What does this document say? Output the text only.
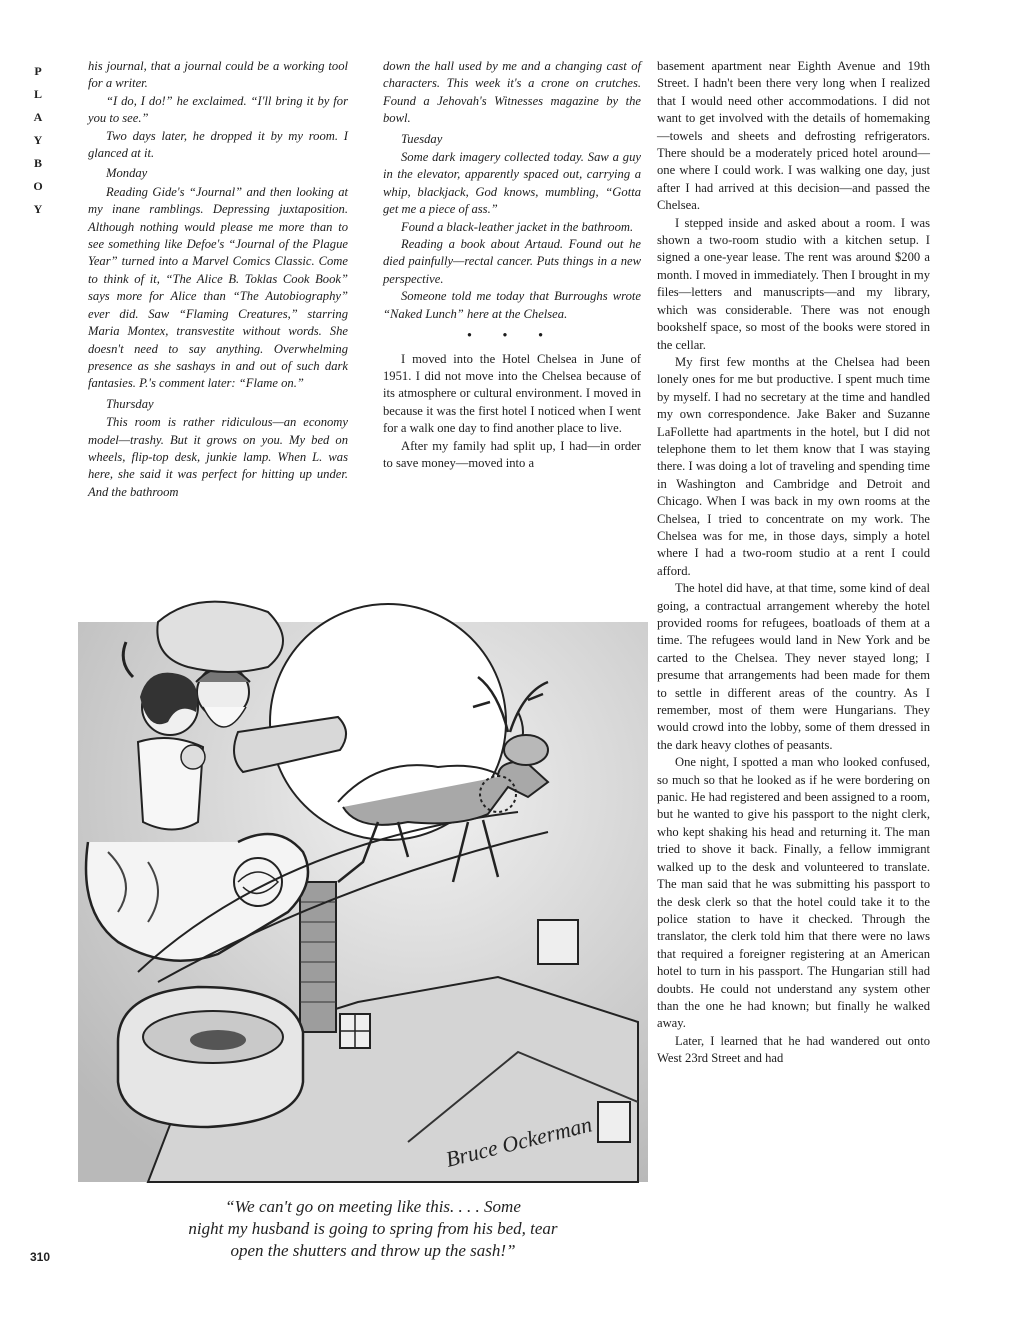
P
L
A
Y
B
O
Y

his journal, that a journal could be a working tool for a writer.

“I do, I do!” he exclaimed. “I'll bring it by for you to see.”

Two days later, he dropped it by my room. I glanced at it.

Monday

Reading Gide's “Journal” and then looking at my inane ramblings. Depressing juxtaposition. Although nothing would please me more than to see something like Defoe's “Journal of the Plague Year” turned into a Marvel Comics Classic. Come to think of it, “The Alice B. Toklas Cook Book” says more for Alice than “The Autobiography” ever did. Saw “Flaming Creatures,” starring Maria Montex, transvestite without words. She doesn't need to say anything. Overwhelming presence as she sashays in and out of such dark fantasies. P.'s comment later: “Flame on.”

Thursday

This room is rather ridiculous—an economy model—trashy. But it grows on you. My bed on wheels, flip-top desk, junkie lamp. When L. was here, she said it was perfect for hitting up under. And the bathroom

down the hall used by me and a changing cast of characters. This week it's a crone on crutches. Found a Jehovah's Witnesses magazine by the bowl.

Tuesday

Some dark imagery collected today. Saw a guy in the elevator, apparently spaced out, carrying a whip, blackjack, God knows, mumbling, “Gotta get me a piece of ass.”

Found a black-leather jacket in the bathroom.

Reading a book about Artaud. Found out he died painfully—rectal cancer. Puts things in a new perspective.

Someone told me today that Burroughs wrote “Naked Lunch” here at the Chelsea.

• • •

I moved into the Hotel Chelsea in June of 1951. I did not move into the Chelsea because of its atmosphere or cultural environment. I moved in because it was the first hotel I noticed when I went for a walk one day to find another place to live.

After my family had split up, I had—in order to save money—moved into a

basement apartment near Eighth Avenue and 19th Street. I hadn't been there very long when I realized that I would need other accommodations. I did not want to get involved with the details of homemaking—towels and sheets and defrosting refrigerators. There should be a moderately priced hotel around—one where I could work. I was walking one day, just after I had arrived at this decision—and passed the Chelsea.

I stepped inside and asked about a room. I was shown a two-room studio with a kitchen setup. I signed a one-year lease. The rent was around $200 a month. I moved in immediately. Then I brought in my files—letters and manuscripts—and my library, which was considerable. There was not enough bookshelf space, so most of the books were stored in the cellar.

My first few months at the Chelsea had been lonely ones for me but productive. I spent much time by myself. I had no secretary at the time and handled my own correspondence. Jake Baker and Suzanne LaFollette had apartments in the hotel, but I did not telephone them to let them know that I was staying there. I was doing a lot of traveling and spending time in Washington and Cambridge and Detroit and Chicago. When I was back in my own rooms at the Chelsea, I tried to concentrate on my work. The Chelsea was for me, in those days, simply a hotel where I had a two-room studio at a rent I could afford.

The hotel did have, at that time, some kind of deal going, a contractual arrangement whereby the hotel provided rooms for refugees, boatloads of them at a time. The refugees would land in New York and be carted to the Chelsea. They never stayed long; I presume that arrangements had been made for them to settle in different areas of the country. As I remember, most of them were Hungarians. They would crowd into the lobby, some of them dressed in the dark heavy clothes of peasants.

One night, I spotted a man who looked confused, so much so that he looked as if he were bordering on panic. He had registered and been assigned to a room, but he wanted to give his passport to the night clerk, who kept shaking his head and returning it. The man tried to shove it back. Finally, a fellow immigrant walked up to the desk and volunteered to translate. The man said that he was submitting his passport to the desk clerk so that the hotel could take it to the police station to have it checked. Through the translator, the clerk told him that there were no laws that required a foreigner registering at an American hotel to turn in his passport. The Hungarian still had doubts. He could not understand any system other than the one he had known; but finally he walked away.

Later, I learned that he had wandered out onto West 23rd Street and had

Bruce Ockerman
“We can't go on meeting like this. . . . Some
night my husband is going to spring from his bed, tear
open the shutters and throw up the sash!”
310
